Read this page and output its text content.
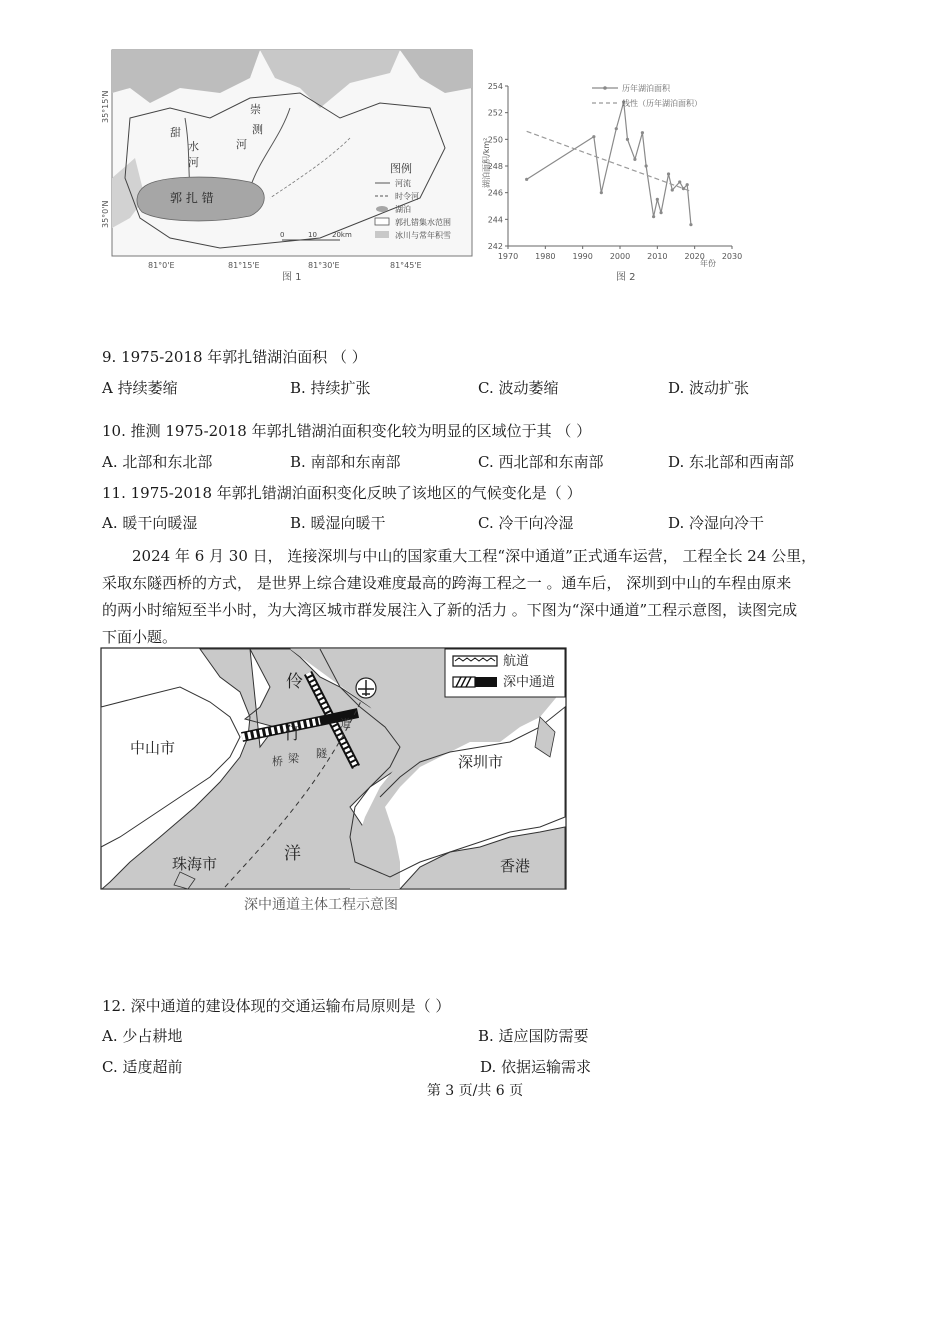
35°15'N
35°0'N
81°0'E	81°15'E	81°30'E	81°45'E
甜
水
河
崇
测
河
郭 扎 错
图例
河流
时令河
湖泊
郭扎错集水范围
冰川与常年积雪
0	10 20km
图 1
242
244
246
248
250
252
254
1970 1980 1990 2000 2010 2020 2030
历年湖泊面积
线性（历年湖泊面积）
湖泊面积/km²
年份
图 2
9. 1975-2018 年郭扎错湖泊面积 （ ）
A 持续萎缩	B. 持续扩张	C. 波动萎缩	D. 波动扩张
10. 推测 1975-2018 年郭扎错湖泊面积变化较为明显的区域位于其 （ ）
A. 北部和东北部	B. 南部和东南部	C. 西北部和东南部	D. 东北部和西南部
11. 1975-2018 年郭扎错湖泊面积变化反映了该地区的气候变化是（ ）
A. 暖干向暖湿	B. 暖湿向暖干	C. 冷干向冷湿	D. 冷湿向冷干
2024 年 6 月 30 日， 连接深圳与中山的国家重大工程“深中通道”正式通车运营， 工程全长 24 公里，
采取东隧西桥的方式， 是世界上综合建设难度最高的跨海工程之一 。通车后， 深圳到中山的车程由原来
的两小时缩短至半小时，为大湾区城市群发展注入了新的活力 。下图为“深中通道”工程示意图，读图完成
下面小题。
航道
深中通道
中山市
深圳市
珠海市	香港
伶
仃
洋
桥 梁 隧
道
深中通道主体工程示意图
12. 深中通道的建设体现的交通运输布局原则是（ ）
A. 少占耕地	B. 适应国防需要
C. 适度超前	D. 依据运输需求
第 3 页/共 6 页
